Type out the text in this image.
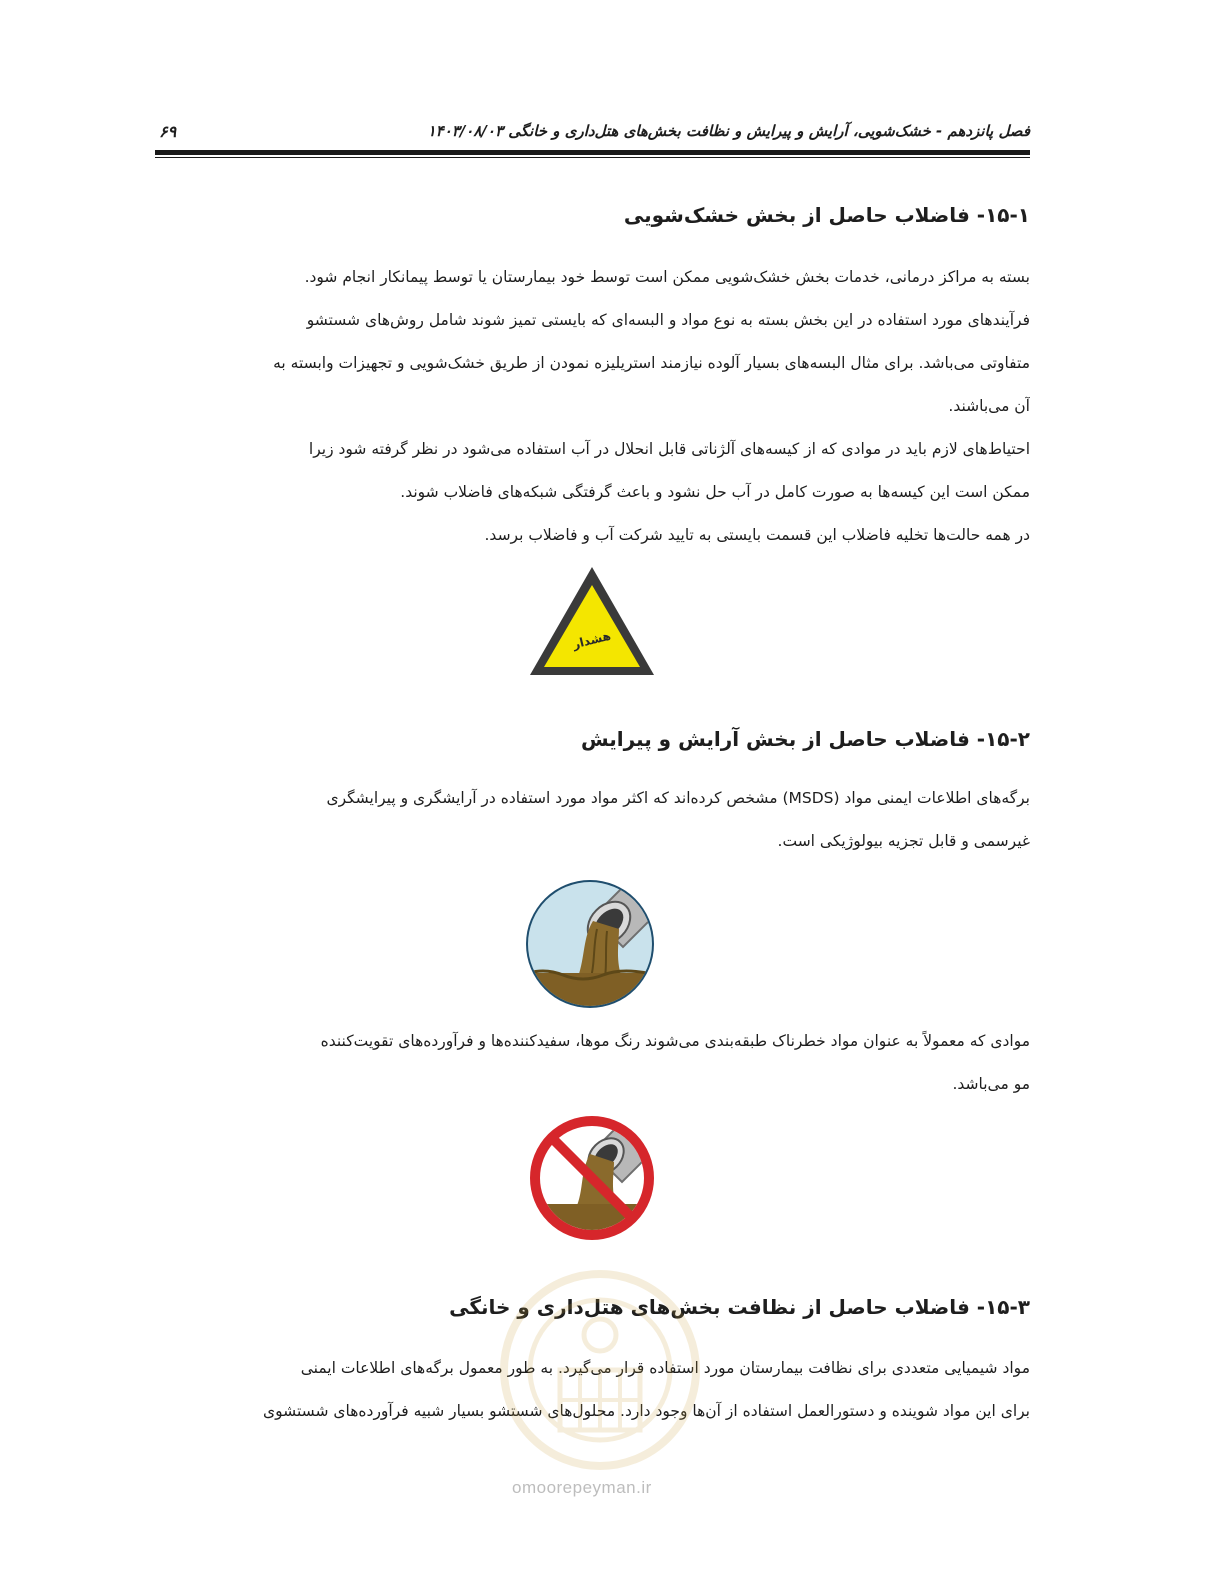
۶۹	فصل پانزدهم - خشک‌شویی، آرایش و پیرایش و نظافت بخش‌های هتل‌داری و خانگی ۱۴۰۳/۰۸/۰۳
۱۵-۱- فاضلاب حاصل از بخش خشک‌شویی
بسته به مراکز درمانی، خدمات بخش خشک‌شویی ممکن است توسط خود بیمارستان یا توسط پیمانکار انجام شود.
فرآیندهای مورد استفاده در این بخش بسته به نوع مواد و البسه‌ای که بایستی تمیز شوند شامل روش‌های شستشو
متفاوتی می‌باشد. برای مثال البسه‌های بسیار آلوده نیازمند استریلیزه نمودن از طریق خشک‌شویی و تجهیزات وابسته به
آن می‌باشند.
احتیاط‌های لازم باید در موادی که از کیسه‌های آلژناتی قابل انحلال در آب استفاده می‌شود در نظر گرفته شود زیرا
ممکن است این کیسه‌ها به صورت کامل در آب حل نشود و باعث گرفتگی شبکه‌های فاضلاب شوند.
در همه حالت‌ها تخلیه فاضلاب این قسمت بایستی به تایید شرکت آب و فاضلاب برسد.
هشدار
۱۵-۲- فاضلاب حاصل از بخش آرایش و پیرایش
برگه‌های اطلاعات ایمنی مواد (MSDS) مشخص کرده‌اند که اکثر مواد مورد استفاده در آرایشگری و پیرایشگری
غیرسمی و قابل تجزیه بیولوژیکی است.
موادی که معمولاً به عنوان مواد خطرناک طبقه‌بندی می‌شوند رنگ موها، سفیدکننده‌ها و فرآورده‌های تقویت‌کننده
مو می‌باشد.
۱۵-۳- فاضلاب حاصل از نظافت بخش‌های هتل‌داری و خانگی
مواد شیمیایی متعددی برای نظافت بیمارستان مورد استفاده قرار می‌گیرد. به طور معمول برگه‌های اطلاعات ایمنی
برای این مواد شوینده و دستورالعمل استفاده از آن‌ها وجود دارد. محلول‌های شستشو بسیار شبیه فرآورده‌های شستشوی
omoorepeyman.ir
